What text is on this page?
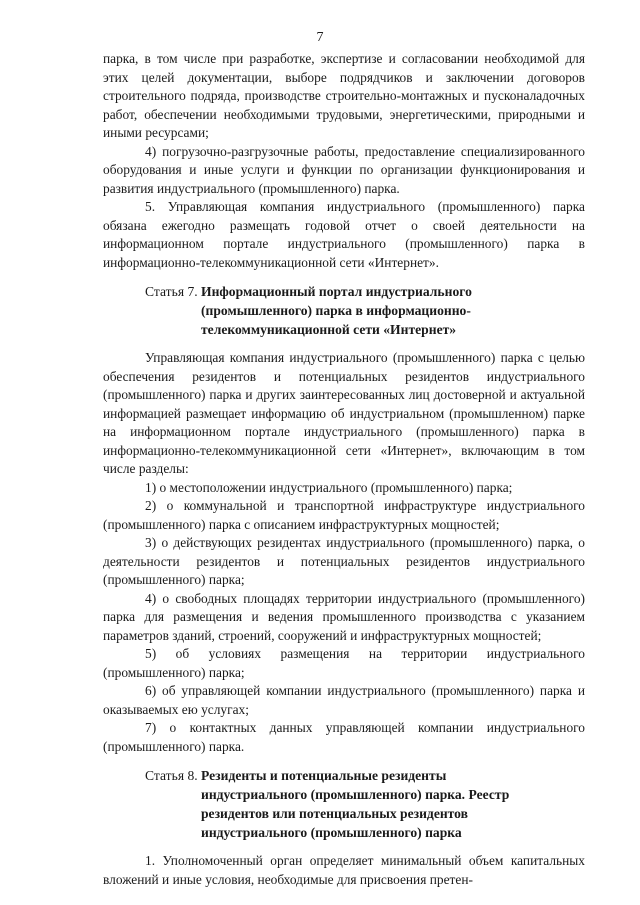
7

парка, в том числе при разработке, экспертизе и согласовании необходимой для этих целей документации, выборе подрядчиков и заключении договоров строительного подряда, производстве строительно-монтажных и пусконаладочных работ, обеспечении необходимыми трудовыми, энергетическими, природными и иными ресурсами;

4) погрузочно-разгрузочные работы, предоставление специализированного оборудования и иные услуги и функции по организации функционирования и развития индустриального (промышленного) парка.

5. Управляющая компания индустриального (промышленного) парка обязана ежегодно размещать годовой отчет о своей деятельности на информационном портале индустриального (промышленного) парка в информационно-телекоммуникационной сети «Интернет».

Статья 7. Информационный портал индустриального (промышленного) парка в информационно-телекоммуникационной сети «Интернет»

Управляющая компания индустриального (промышленного) парка с целью обеспечения резидентов и потенциальных резидентов индустриального (промышленного) парка и других заинтересованных лиц достоверной и актуальной информацией размещает информацию об индустриальном (промышленном) парке на информационном портале индустриального (промышленного) парка в информационно-телекоммуникационной сети «Интернет», включающим в том числе разделы:

1) о местоположении индустриального (промышленного) парка;

2) о коммунальной и транспортной инфраструктуре индустриального (промышленного) парка с описанием инфраструктурных мощностей;

3) о действующих резидентах индустриального (промышленного) парка, о деятельности резидентов и потенциальных резидентов индустриального (промышленного) парка;

4) о свободных площадях территории индустриального (промышленного) парка для размещения и ведения промышленного производства с указанием параметров зданий, строений, сооружений и инфраструктурных мощностей;

5) об условиях размещения на территории индустриального (промышленного) парка;

6) об управляющей компании индустриального (промышленного) парка и оказываемых ею услугах;

7) о контактных данных управляющей компании индустриального (промышленного) парка.

Статья 8. Резиденты и потенциальные резиденты индустриального (промышленного) парка. Реестр резидентов или потенциальных резидентов индустриального (промышленного) парка

1. Уполномоченный орган определяет минимальный объем капитальных вложений и иные условия, необходимые для присвоения претен-
